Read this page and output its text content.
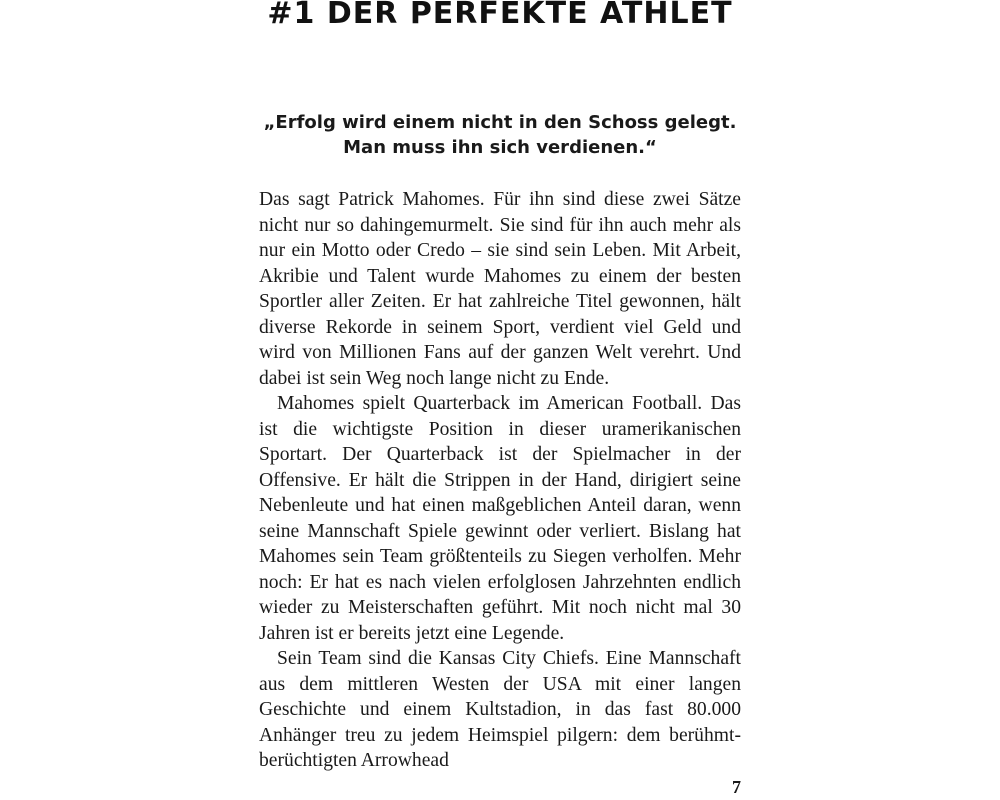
#1 DER PERFEKTE ATHLET
„Erfolg wird einem nicht in den Schoss gelegt.
Man muss ihn sich verdienen.“

Das sagt Patrick Mahomes. Für ihn sind diese zwei Sätze nicht nur so dahingemurmelt. Sie sind für ihn auch mehr als nur ein Motto oder Credo – sie sind sein Leben. Mit Arbeit, Akribie und Talent wurde Mahomes zu einem der besten Sportler aller Zeiten. Er hat zahlreiche Titel gewonnen, hält diverse Rekorde in seinem Sport, verdient viel Geld und wird von Millionen Fans auf der ganzen Welt verehrt. Und dabei ist sein Weg noch lange nicht zu Ende.

Mahomes spielt Quarterback im American Football. Das ist die wichtigste Position in dieser uramerikanischen Sportart. Der Quarterback ist der Spielmacher in der Offensive. Er hält die Strippen in der Hand, dirigiert seine Nebenleute und hat einen maßgeblichen Anteil daran, wenn seine Mannschaft Spiele gewinnt oder verliert. Bislang hat Mahomes sein Team größtenteils zu Siegen verholfen. Mehr noch: Er hat es nach vielen erfolglosen Jahrzehnten endlich wieder zu Meisterschaften geführt. Mit noch nicht mal 30 Jahren ist er bereits jetzt eine Legende.

Sein Team sind die Kansas City Chiefs. Eine Mannschaft aus dem mittleren Westen der USA mit einer langen Geschichte und einem Kultstadion, in das fast 80.000 Anhänger treu zu jedem Heimspiel pilgern: dem berühmt-berüchtigten Arrowhead

7
